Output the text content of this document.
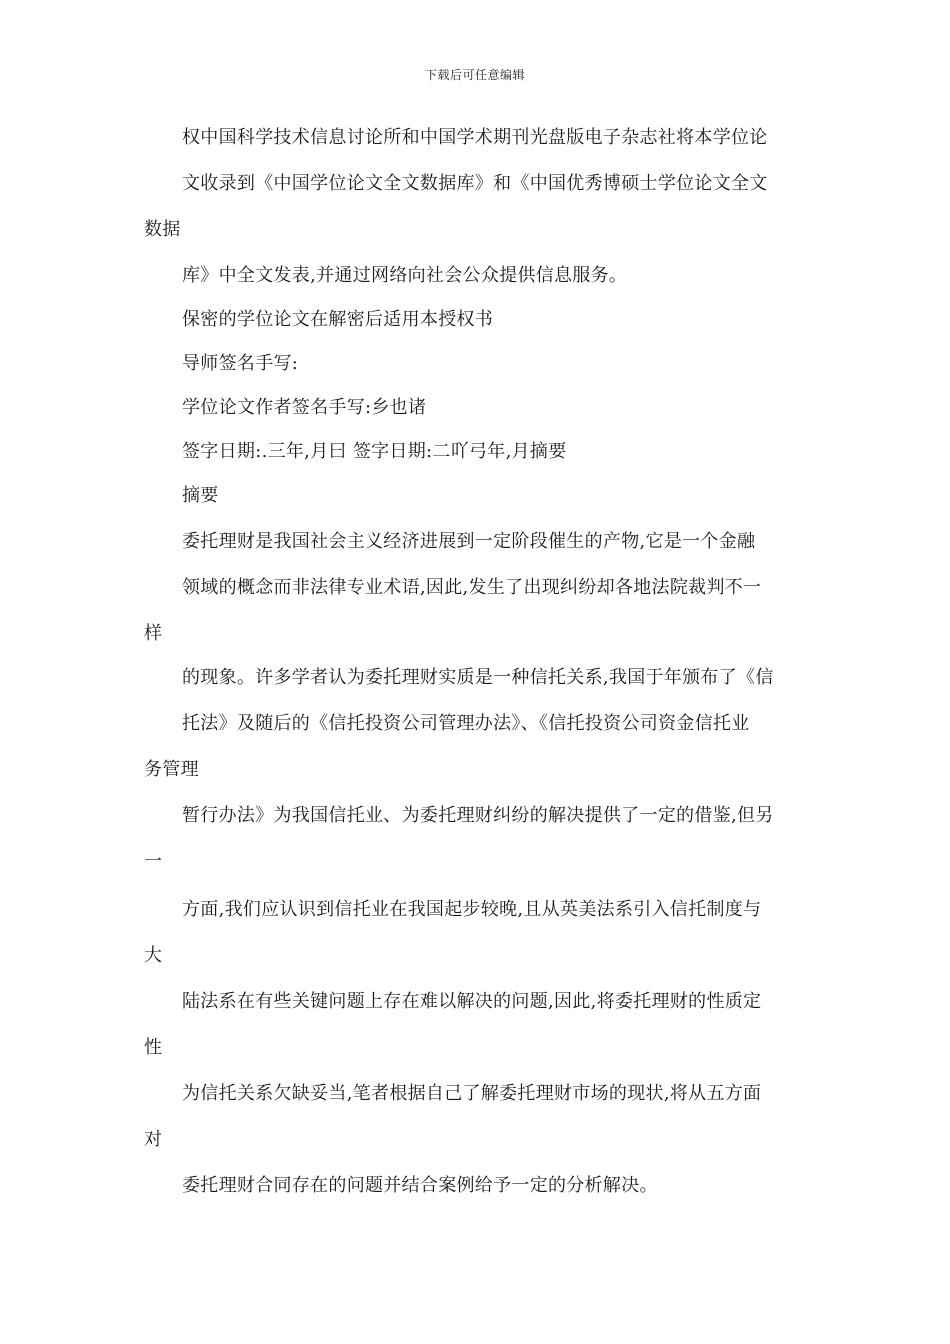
下载后可任意编辑
权中国科学技术信息讨论所和中国学术期刊光盘版电子杂志社将本学位论
文收录到《中国学位论文全文数据库》和《中国优秀博硕士学位论文全文
数据
库》中全文发表,并通过网络向社会公众提供信息服务。
保密的学位论文在解密后适用本授权书
导师签名手写:
学位论文作者签名手写:乡也诸
签字日期:.三年,月曰 签字日期:二吖弓年,月摘要
摘要
委托理财是我国社会主义经济进展到一定阶段催生的产物,它是一个金融
领域的概念而非法律专业术语,因此,发生了出现纠纷却各地法院裁判不一
样
的现象。许多学者认为委托理财实质是一种信托关系,我国于年颁布了《信
托法》及随后的《信托投资公司管理办法》、《信托投资公司资金信托业
务管理
暂行办法》为我国信托业、为委托理财纠纷的解决提供了一定的借鉴,但另
一
方面,我们应认识到信托业在我国起步较晚,且从英美法系引入信托制度与
大
陆法系在有些关键问题上存在难以解决的问题,因此,将委托理财的性质定
性
为信托关系欠缺妥当,笔者根据自己了解委托理财市场的现状,将从五方面
对
委托理财合同存在的问题并结合案例给予一定的分析解决。
